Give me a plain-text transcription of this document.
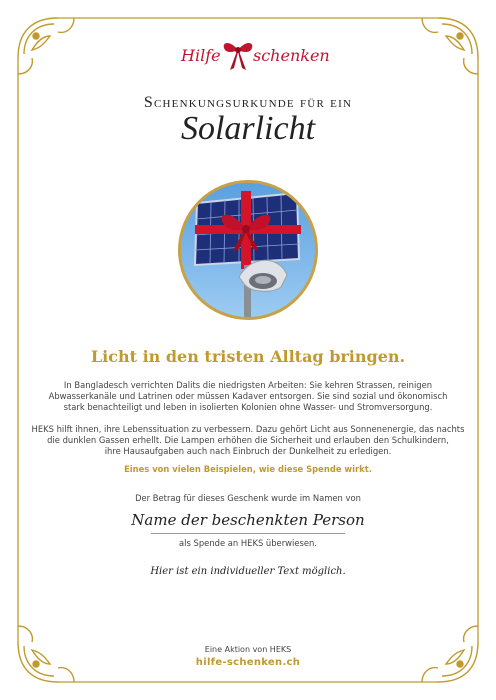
Hilfe schenken
Schenkungsurkunde für ein
Solarlicht
Licht in den tristen Alltag bringen.
In Bangladesch verrichten Dalits die niedrigsten Arbeiten: Sie kehren Strassen, reinigen
Abwasserkanäle und Latrinen oder müssen Kadaver entsorgen. Sie sind sozial und ökonomisch
stark benachteiligt und leben in isolierten Kolonien ohne Wasser- und Stromversorgung.
HEKS hilft ihnen, ihre Lebenssituation zu verbessern. Dazu gehört Licht aus Sonnenenergie, das nachts
die dunklen Gassen erhellt. Die Lampen erhöhen die Sicherheit und erlauben den Schulkindern,
ihre Hausaufgaben auch nach Einbruch der Dunkelheit zu erledigen.
Eines von vielen Beispielen, wie diese Spende wirkt.
Der Betrag für dieses Geschenk wurde im Namen von
Name der beschenkten Person
als Spende an HEKS überwiesen.
Hier ist ein individueller Text möglich.
Eine Aktion von HEKS
hilfe-schenken.ch
